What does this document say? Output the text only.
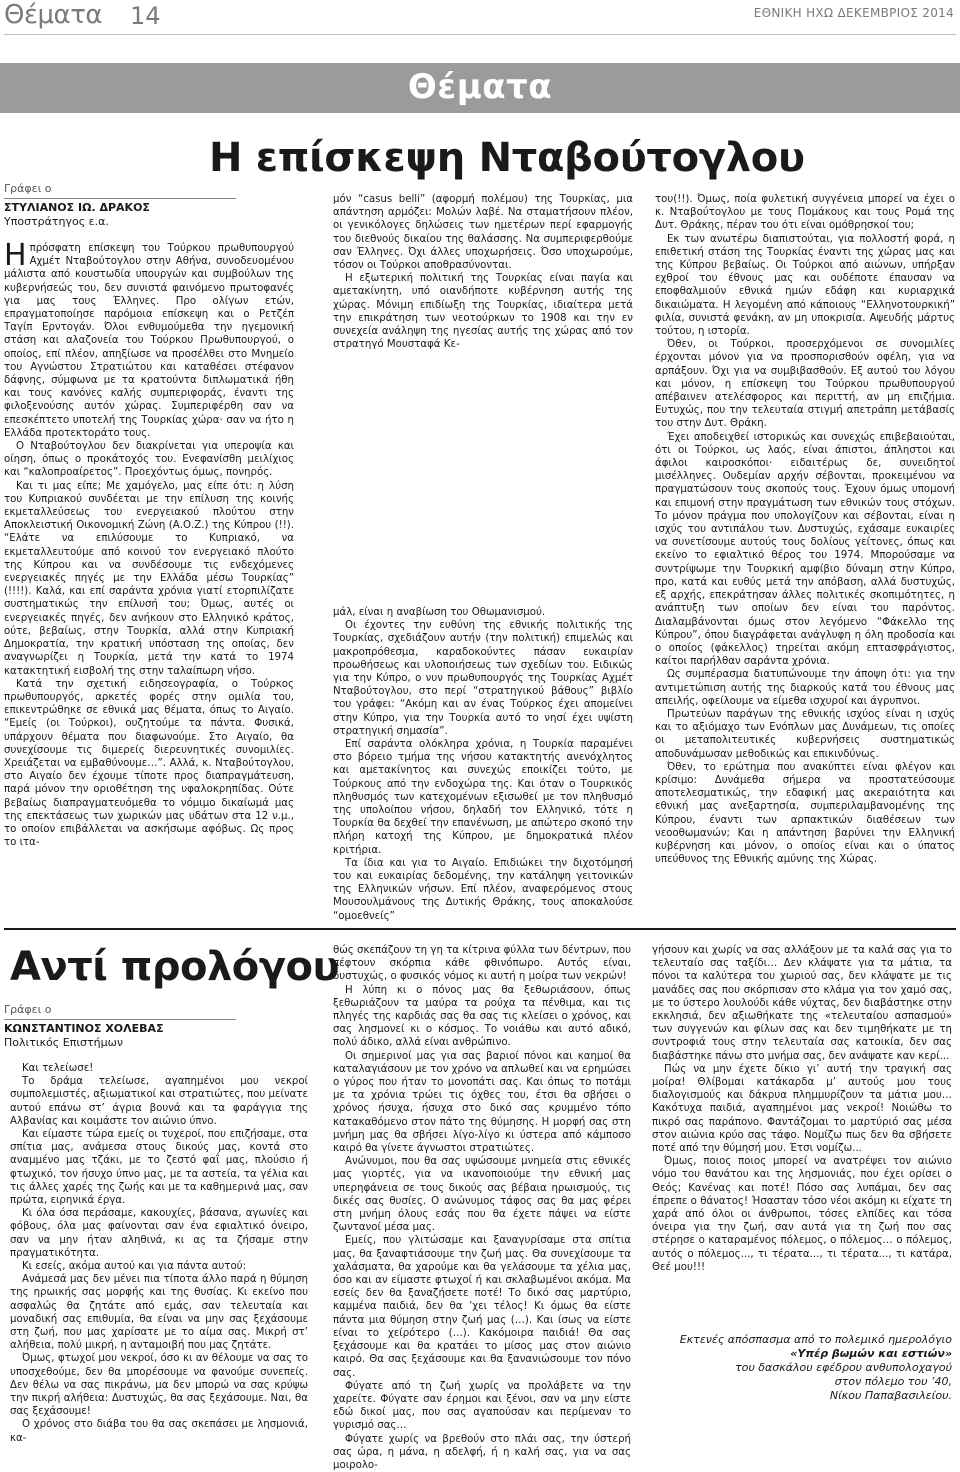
Θέματα 14	ΕΘΝΙΚΗ ΗΧΩ ΔΕΚΕΜΒΡΙΟΣ 2014
Θέματα
Η επίσκεψη Νταβούτογλου
Γράφει ο
ΣΤΥΛΙΑΝΟΣ ΙΩ. ΔΡΑΚΟΣ
Υποστράτηγος ε.α.

Η πρόσφατη επίσκεψη του Τούρκου πρωθυπουργού Αχμέτ Νταβούτογλου στην Αθήνα, συνοδευομένου μάλιστα από κουστωδία υπουργών και συμβούλων της κυβερνήσεώς του, δεν συνιστά φαινόμενο πρωτοφανές για μας τους Έλληνες. Προ ολίγων ετών, επραγματοποίησε παρόμοια επίσκεψη και ο Ρετζέπ Ταγίπ Ερντογάν. Όλοι ενθυμούμεθα την ηγεμονική στάση και αλαζονεία του Τούρκου Πρωθυπουργού, ο οποίος, επί πλέον, απηξίωσε να προσέλθει στο Μνημείο του Αγνώστου Στρατιώτου και καταθέσει στέφανον δάφνης, σύμφωνα με τα κρατούντα διπλωματικά ήθη και τους κανόνες καλής συμπεριφοράς, έναντι της φιλοξενούσης αυτόν χώρας. Συμπεριφέρθη σαν να επεσκέπτετο υποτελή της Τουρκίας χώρα· σαν να ήτο η Ελλάδα προτεκτοράτο τους.

Ο Νταβούτογλου δεν διακρίνεται για υπεροψία και οίηση, όπως ο προκάτοχός του. Ενεφανίσθη μειλίχιος και “καλοπροαίρετος”. Προεχόντως όμως, πονηρός.

Και τι μας είπε; Με χαμόγελο, μας είπε ότι: η λύση του Κυπριακού συνδέεται με την επίλυση της κοινής εκμεταλλεύσεως του ενεργειακού πλούτου στην Αποκλειστική Οικονομική Ζώνη (Α.Ο.Ζ.) της Κύπρου (!!). “Ελάτε να επιλύσουμε το Κυπριακό, να εκμεταλλευτούμε από κοινού τον ενεργειακό πλούτο της Κύπρου και να συνδέσουμε τις ενδεχόμενες ενεργειακές πηγές με την Ελλάδα μέσω Τουρκίας” (!!!!). Καλά, και επί σαράντα χρόνια γιατί ετορπιλίζατε συστηματικώς την επίλυσή του; Όμως, αυτές οι ενεργειακές πηγές, δεν ανήκουν στο Ελληνικό κράτος, ούτε, βεβαίως, στην Τουρκία, αλλά στην Κυπριακή Δημοκρατία, την κρατική υπόσταση της οποίας, δεν αναγνωρίζει η Τουρκία, μετά την κατά το 1974 κατακτητική εισβολή της στην ταλαίπωρη νήσο.

Κατά την σχετική ειδησεογραφία, ο Τούρκος πρωθυπουργός, αρκετές φορές στην ομιλία του, επικεντρώθηκε σε εθνικά μας θέματα, όπως το Αιγαίο. “Εμείς (οι Τούρκοι), ουζητούμε τα πάντα. Φυσικά, υπάρχουν θέματα που διαφωνούμε. Στο Αιγαίο, θα συνεχίσουμε τις διμερείς διερευνητικές συνομιλίες. Χρειάζεται να εμβαθύνουμε…”. Αλλά, κ. Νταβούτογλου, στο Αιγαίο δεν έχουμε τίποτε προς διαπραγμάτευση, παρά μόνον την οριοθέτηση της υφαλοκρηπίδας. Ούτε βεβαίως διαπραγματευόμεθα το νόμιμο δικαίωμά μας της επεκτάσεως των χωρικών μας υδάτων στα 12 ν.μ., το οποίον επιβάλλεται να ασκήσωμε αφόβως. Ως προς το ιτα-

μόν “casus belli” (αφορμή πολέμου) της Τουρκίας, μια απάντηση αρμόζει: Μολών λαβέ. Να σταματήσουν πλέον, οι γενικόλογες δηλώσεις των ημετέρων περί εφαρμογής του διεθνούς δικαίου της θαλάσσης. Να συμπεριφερθούμε σαν Έλληνες. Όχι άλλες υποχωρήσεις. Όσο υποχωρούμε, τόσον οι Τούρκοι αποθρασύνονται.

Η εξωτερική πολιτική της Τουρκίας είναι παγία και αμετακίνητη, υπό οιανδήποτε κυβέρνηση αυτής της χώρας. Μόνιμη επιδίωξη της Τουρκίας, ιδιαίτερα μετά την επικράτηση των νεοτούρκων το 1908 και την εν συνεχεία ανάληψη της ηγεσίας αυτής της χώρας από τον στρατηγό Μουσταφά Κε-

μάλ, είναι η αναβίωση του Οθωμανισμού.

Οι έχοντες την ευθύνη της εθνικής πολιτικής της Τουρκίας, σχεδιάζουν αυτήν (την πολιτική) επιμελώς και μακροπρόθεσμα, καραδοκούντες πάσαν ευκαιρίαν προωθήσεως και υλοποιήσεως των σχεδίων του. Ειδικώς για την Κύπρο, ο νυν πρωθυπουργός της Τουρκίας Αχμέτ Νταβούτογλου, στο περί “στρατηγικού βάθους” βιβλίο του γράφει: “Ακόμη και αν ένας Τούρκος έχει απομείνει στην Κύπρο, για την Τουρκία αυτό το νησί έχει υψίστη στρατηγική σημασία”.

Επί σαράντα ολόκληρα χρόνια, η Τουρκία παραμένει στο βόρειο τμήμα της νήσου κατακτητής ανενόχλητος και αμετακίνητος και συνεχώς εποικίζει τούτο, με Τούρκους από την ενδοχώρα της. Και όταν ο Τουρκικός πληθυσμός των κατεχομένων εξισωθεί με τον πληθυσμό της υπολοίπου νήσου, δηλαδή τον Ελληνικό, τότε η Τουρκία θα δεχθεί την επανένωση, με απώτερο σκοπό την πλήρη κατοχή της Κύπρου, με δημοκρατικά πλέον κριτήρια.

Τα ίδια και για το Αιγαίο. Επιδιώκει την διχοτόμησή του και ευκαιρίας δεδομένης, την κατάληψη γειτονικών της Ελληνικών νήσων. Επί πλέον, αναφερόμενος στους Μουσουλμάνους της Δυτικής Θράκης, τους αποκαλούσε “ομοεθνείς”

του(!!). Όμως, ποία φυλετική συγγένεια μπορεί να έχει ο κ. Νταβούτογλου με τους Πομάκους και τους Ρομά της Δυτ. Θράκης, πέραν του ότι είναι ομόθρησκοί του;

Εκ των ανωτέρω διαπιστούται, για πολλοστή φορά, η επιθετική στάση της Τουρκίας έναντι της χώρας μας και της Κύπρου βεβαίως. Οι Τούρκοι από αιώνων, υπήρξαν εχθροί του έθνους μας και ουδέποτε έπαυσαν να εποφθαλμιούν εθνικά ημών εδάφη και κυριαρχικά δικαιώματα. Η λεγομένη από κάποιους “Ελληνοτουρκική” φιλία, συνιστά φενάκη, αν μη υποκρισία. Αψευδής μάρτυς τούτου, η ιστορία.

Όθεν, οι Τούρκοι, προσερχόμενοι σε συνομιλίες έρχονται μόνον για να προσπορισθούν οφέλη, για να αρπάξουν. Όχι για να συμβιβασθούν. Εξ αυτού του λόγου και μόνον, η επίσκεψη του Τούρκου πρωθυπουργού απέβαινεν ατελέσφορος και περιττή, αν μη επιζήμια. Ευτυχώς, που την τελευταία στιγμή απετράπη μετάβασίς του στην Δυτ. Θράκη.

Έχει αποδειχθεί ιστορικώς και συνεχώς επιβεβαιούται, ότι οι Τούρκοι, ως λαός, είναι άπιστοι, άπληστοι και άφιλοι καιροσκόποι· ειδαιτέρως δε, συνειδητοί μισέλληνες. Ουδεμίαν αρχήν σέβονται, προκειμένου να πραγματώσουν τους σκοπούς τους. Έχουν όμως υπομονή και επιμονή στην πραγμάτωση των εθνικών τους στόχων. Το μόνον πράγμα που υπολογίζουν και σέβονται, είναι η ισχύς του αντιπάλου των. Δυστυχώς, εχάσαμε ευκαιρίες να συνετίσουμε αυτούς τους δολίους γείτονες, όπως και εκείνο το εφιαλτικό θέρος του 1974. Μπορούσαμε να συντρίψωμε την Τουρκική αμφίβιο δύναμη στην Κύπρο, προ, κατά και ευθύς μετά την απόβαση, αλλά δυστυχώς, εξ αρχής, επεκράτησαν άλλες πολιτικές σκοπιμότητες, η ανάπτυξη των οποίων δεν είναι του παρόντος. Διαλαμβάνονται όμως στον λεγόμενο “Φάκελλο της Κύπρου”, όπου διαγράφεται ανάγλυφη η όλη προδοσία και ο οποίος (φάκελλος) τηρείται ακόμη επτασφράγιστος, καίτοι παρήλθαν σαράντα χρόνια.

Ως συμπέρασμα διατυπώνουμε την άποψη ότι: για την αντιμετώπιση αυτής της διαρκούς κατά του έθνους μας απειλής, οφείλουμε να είμεθα ισχυροί και άγρυπνοι.

Πρωτεύων παράγων της εθνικής ισχύος είναι η ισχύς και το αξιόμαχο των Ενόπλων μας Δυνάμεων, τις οποίες οι μεταπολιτευτικές κυβερνήσεις συστηματικώς αποδυνάμωσαν μεθοδικώς και επικινδύνως.

Όθεν, το ερώτημα που ανακύπτει είναι φλέγον και κρίσιμο: Δυνάμεθα σήμερα να προστατεύσουμε αποτελεσματικώς, την εδαφική μας ακεραιότητα και εθνική μας ανεξαρτησία, συμπεριλαμβανομένης της Κύπρου, έναντι των αρπακτικών διαθέσεων των νεοοθωμανών; Και η απάντηση βαρύνει την Ελληνική κυβέρνηση και μόνον, ο οποίος είναι και ο ύπατος υπεύθυνος της Εθνικής αμύνης της Χώρας.

Αντί προλόγου
Γράφει ο
ΚΩΝΣΤΑΝΤΙΝΟΣ ΧΟΛΕΒΑΣ
Πολιτικός Επιστήμων

Και τελείωσε!

Το δράμα τελείωσε, αγαπημένοι μου νεκροί συμπολεμιστές, αξιωματικοί και στρατιώτες, που μείνατε αυτού επάνω στ’ άγρια βουνά και τα φαράγγια της Αλβανίας και κοιμάστε τον αιώνιο ύπνο.

Και είμαστε τώρα εμείς οι τυχεροί, που επιζήσαμε, στα σπίτια μας, ανάμεσα στους δικούς μας, κοντά στο αναμμένο μας τζάκι, με το ζεστό φαΐ μας, πλούσιο ή φτωχικό, τον ήσυχο ύπνο μας, με τα αστεία, τα γέλια και τις άλλες χαρές της ζωής και με τα καθημερινά μας, σαν πρώτα, ειρηνικά έργα.

Κι όλα όσα περάσαμε, κακουχίες, βάσανα, αγωνίες και φόβους, όλα μας φαίνονται σαν ένα εφιαλτικό όνειρο, σαν να μην ήταν αληθινά, κι ας τα ζήσαμε στην πραγματικότητα.

Κι εσείς, ακόμα αυτού και για πάντα αυτού:

Ανάμεσά μας δεν μένει πια τίποτα άλλο παρά η θύμηση της ηρωικής σας μορφής και της θυσίας. Κι εκείνο που ασφαλώς θα ζητάτε από εμάς, σαν τελευταία και μοναδική σας επιθυμία, θα είναι να μην σας ξεχάσουμε στη ζωή, που μας χαρίσατε με το αίμα σας. Μικρή στ’ αλήθεια, πολύ μικρή, η ανταμοιβή που μας ζητάτε.

Όμως, φτωχοί μου νεκροί, όσο κι αν θέλουμε να σας το υποσχεθούμε, δεν θα μπορέσουμε να φανούμε συνεπείς. Δεν θέλω να σας πικράνω, μα δεν μπορώ να σας κρύψω την πικρή αλήθεια: Δυστυχώς, θα σας ξεχάσουμε. Ναι, θα σας ξεχάσουμε!

Ο χρόνος στο διάβα του θα σας σκεπάσει με λησμονιά, κα-

θώς σκεπάζουν τη γη τα κίτρινα φύλλα των δέντρων, που πέφτουν σκόρπια κάθε φθινόπωρο. Αυτός είναι, δυστυχώς, ο φυσικός νόμος κι αυτή η μοίρα των νεκρών!

Η λύπη κι ο πόνος μας θα ξεθωριάσουν, όπως ξεθωριάζουν τα μαύρα τα ρούχα τα πένθιμα, και τις πληγές της καρδιάς σας θα σας τις κλείσει ο χρόνος, και σας λησμονεί κι ο κόσμος. Το νοιάθω και αυτό αδικό, πολύ άδικο, αλλά είναι ανθρώπινο.

Οι σημερινοί μας για σας βαριοί πόνοι και καημοί θα καταλαγιάσουν με τον χρόνο να απλωθεί και να ερημώσει ο γύρος που ήταν το μονοπάτι σας. Και όπως το ποτάμι με τα χρόνια τρώει τις όχθες του, έτσι θα σβήσει ο χρόνος ήσυχα, ήσυχα στο δικό σας κρυμμένο τόπο κατακαθόμενο στον πάτο της θύμησης. Η μορφή σας στη μνήμη μας θα σβήσει λίγο-λίγο κι ύστερα από κάμποσο καιρό θα γίνετε άγνωστοι στρατιώτες.

Ανώνυμοι, που θα σας υψώσουμε μνημεία στις εθνικές μας γιορτές, για να ικανοποιούμε την εθνική μας υπερηφάνεια σε τους δικούς σας βέβαια ηρωισμούς, τις δικές σας θυσίες. Ο ανώνυμος τάφος σας θα μας φέρει στη μνήμη όλους εσάς που θα έχετε πάψει να είστε ζωντανοί μέσα μας.

Εμείς, που γλιτώσαμε και ξαναγυρίσαμε στα σπίτια μας, θα ξαναφτιάσουμε την ζωή μας. Θα συνεχίσουμε τα χαλάσματα, θα χαρούμε και θα γελάσουμε τα χέλια μας, όσο και αν είμαστε φτωχοί ή και σκλαβωμένοι ακόμα. Μα εσείς δεν θα ξαναζήσετε ποτέ! Το δικό σας μαρτύριο, καμμένα παιδιά, δεν θα ’χει τέλος! Κι όμως θα είστε πάντα μια θύμηση στην ζωή μας (…). Και ίσως να είστε είναι το χείρότερο (…). Κακόμοιρα παιδιά! Θα σας ξεχάσουμε και θα κρατάει το μίσος μας στον αιώνιο καιρό. Θα σας ξεχάσουμε και θα ξανανιώσουμε τον πόνο σας.

Φύγατε από τη ζωή χωρίς να προλάβετε να την χαρείτε. Φύγατε σαν έρημοι και ξένοι, σαν να μην είστε εδώ δικοί μας, που σας αγαπούσαν και περίμεναν το γυρισμό σας…

Φύγατε χωρίς να βρεθούν στο πλάι σας, την ύστερή σας ώρα, η μάνα, η αδελφή, ή η καλή σας, για να σας μοιρολο-

γήσουν και χωρίς να σας αλλάξουν με τα καλά σας για το τελευταίο σας ταξίδι… Δεν κλάψατε για τα μάτια, τα πόνοι τα καλύτερα του χωριού σας, δεν κλάψατε με τις μανάδες σας που σκόρπισαν στο κλάμα για τον χαμό σας, με το ύστερο λουλούδι κάθε νύχτας, δεν διαβάστηκε στην εκκλησιά, δεν αξιωθήκατε της «τελευταίου ασπασμού» των συγγενών και φίλων σας και δεν τιμηθήκατε με τη συντροφιά τους στην τελευταία σας κατοικία, δεν σας διαβάστηκε πάνω στο μνήμα σας, δεν ανάψατε καν κερί...

Πώς να μην έχετε δίκιο γι’ αυτή την τραγική σας μοίρα! Θλίβομαι κατάκαρδα μ’ αυτούς μου τους διαλογισμούς και δάκρυα πλημμυρίζουν τα μάτια μου… Κακότυχα παιδιά, αγαπημένοι μας νεκροί! Νοιώθω το πικρό σας παράπονο. Φαντάζομαι το μαρτύριό σας μέσα στον αιώνια κρύο σας τάφο. Νομίζω πως δεν θα σβήσετε ποτέ από την θύμησή μου. Έτσι νομίζω...

Όμως, ποιος ποιος μπορεί να ανατρέψει τον αιώνιο νόμο του θανάτου και της λησμονιάς, που έχει ορίσει ο Θεός; Κανένας και ποτέ! Πόσο σας λυπάμαι, δεν σας έπρεπε ο θάνατος! Ήσασταν τόσο νέοι ακόμη κι είχατε τη χαρά από όλοι οι άνθρωποι, τόσες ελπίδες και τόσα όνειρα για την ζωή, σαν αυτά για τη ζωή που σας στέρησε ο καταραμένος πόλεμος, ο πόλεμος… ο πόλεμος, αυτός ο πόλεμος..., τι τέρατα..., τι τέρατα..., τι κατάρα, Θεέ μου!!!

Εκτενές απόσπασμα από το πολεμικό ημερολόγιο
«Υπέρ βωμών και εστιών»
του δασκάλου εφέδρου ανθυπολοχαγού
στον πόλεμο του ’40,
Νίκου Παπαβασιλείου.
